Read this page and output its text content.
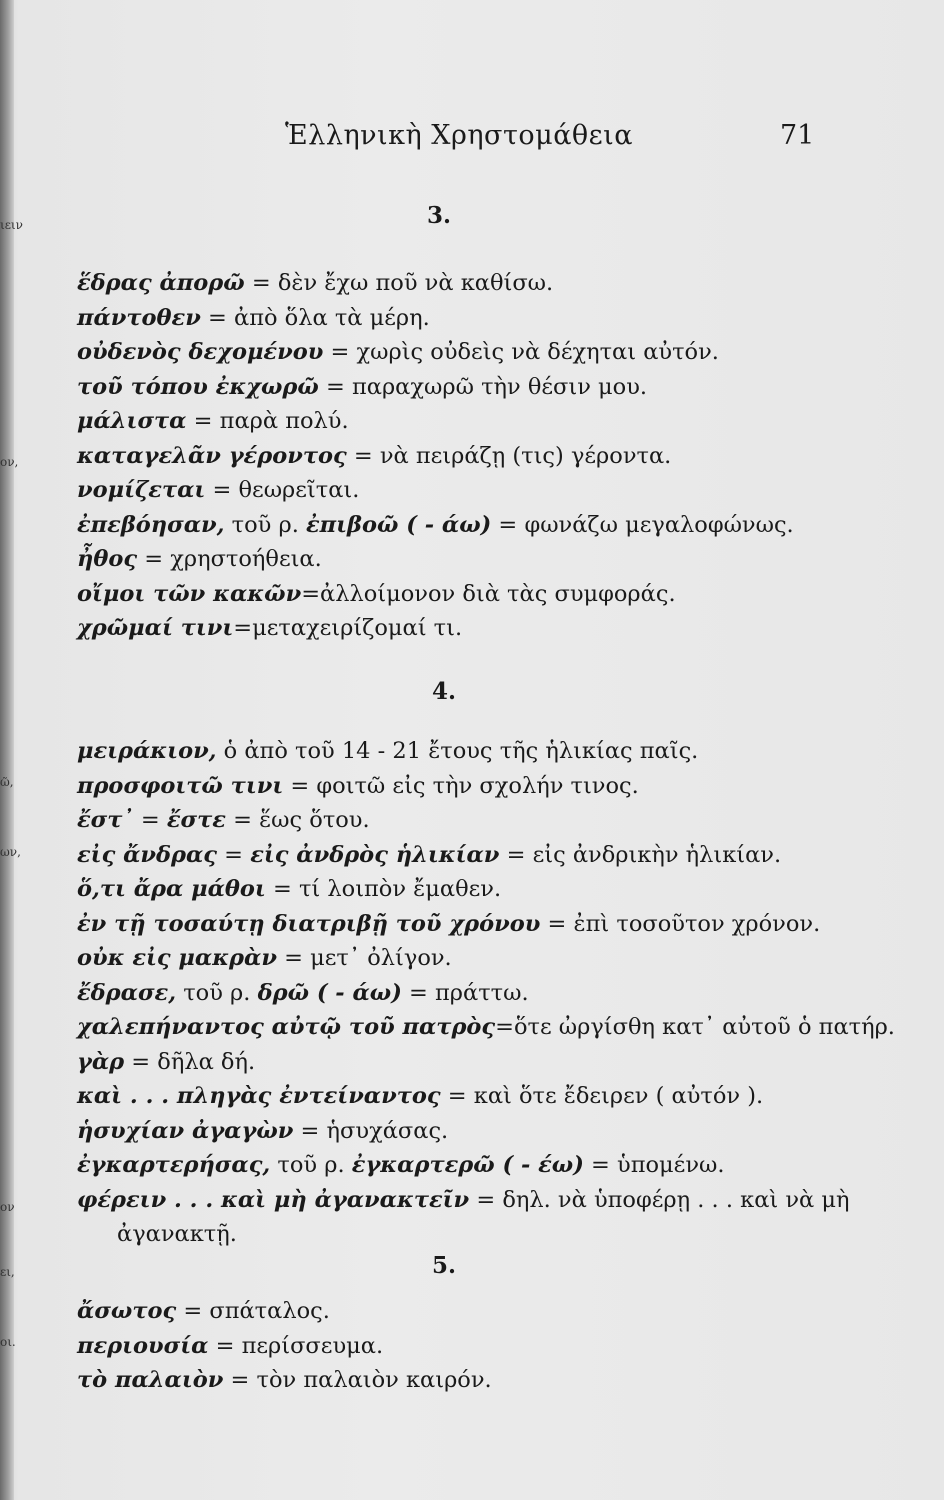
ιειν
ον,
ῶ,
ων,
ον
ει,
οι.
Ἑλληνικὴ Χρηστομάθεια	71
3.
ἕδρας ἀπορῶ = δὲν ἔχω ποῦ νὰ καθίσω.
πάντοθεν = ἀπὸ ὅλα τὰ μέρη.
οὐδενὸς δεχομένου = χωρὶς οὐδεὶς νὰ δέχηται αὐτόν.
τοῦ τόπου ἐκχωρῶ = παραχωρῶ τὴν θέσιν μου.
μάλιστα = παρὰ πολύ.
καταγελᾶν γέροντος = νὰ πειράζῃ (τις) γέροντα.
νομίζεται = θεωρεῖται.
ἐπεβόησαν, τοῦ ρ. ἐπιβοῶ ( - άω) = φωνάζω μεγαλοφώνως.
ἦθος = χρηστοήθεια.
οἴμοι τῶν κακῶν=ἀλλοίμονον διὰ τὰς συμφοράς.
χρῶμαί τινι=μεταχειρίζομαί τι.
4.
μειράκιον, ὁ ἀπὸ τοῦ 14 - 21 ἔτους τῆς ἡλικίας παῖς.
προσφοιτῶ τινι = φοιτῶ εἰς τὴν σχολήν τινος.
ἔστ᾽ = ἔστε = ἕως ὅτου.
εἰς ἄνδρας = εἰς ἀνδρὸς ἡλικίαν = εἰς ἀνδρικὴν ἡλικίαν.
ὅ,τι ἄρα μάθοι = τί λοιπὸν ἔμαθεν.
ἐν τῇ τοσαύτῃ διατριβῇ τοῦ χρόνου = ἐπὶ τοσοῦτον χρόνον.
οὐκ εἰς μακρὰν = μετ᾽ ὀλίγον.
ἔδρασε, τοῦ ρ. δρῶ ( - άω) = πράττω.
χαλεπήναντος αὐτῷ τοῦ πατρὸς=ὅτε ὠργίσθη κατ᾽ αὐτοῦ ὁ πατήρ.
γὰρ = δῆλα δή.
καὶ . . . πληγὰς ἐντείναντος = καὶ ὅτε ἔδειρεν ( αὐτόν ).
ἡσυχίαν ἀγαγὼν = ἡσυχάσας.
ἐγκαρτερήσας, τοῦ ρ. ἐγκαρτερῶ ( - έω) = ὑπομένω.
φέρειν . . . καὶ μὴ ἀγανακτεῖν = δηλ. νὰ ὑποφέρῃ . . . καὶ νὰ μὴ
ἀγανακτῇ.
5.
ἄσωτος = σπάταλος.
περιουσία = περίσσευμα.
τὸ παλαιὸν = τὸν παλαιὸν καιρόν.
